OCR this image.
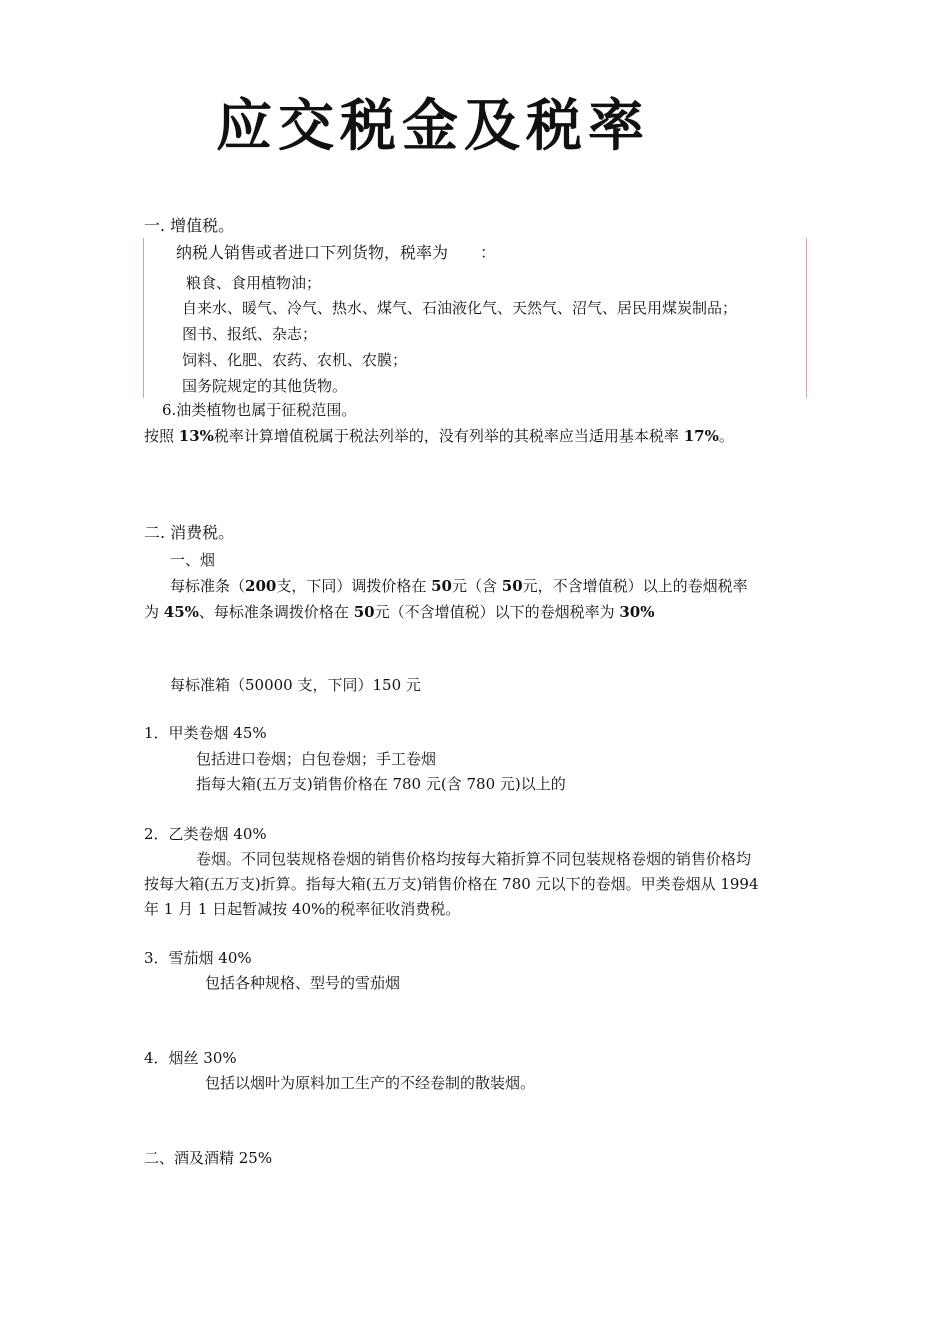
应交税金及税率
一. 增值税。
纳税人销售或者进口下列货物，税率为　　：
粮食、食用植物油；
自来水、暖气、冷气、热水、煤气、石油液化气、天然气、沼气、居民用煤炭制品；
图书、报纸、杂志；
饲料、化肥、农药、农机、农膜；
国务院规定的其他货物。
6.油类植物也属于征税范围。
按照 13%税率计算增值税属于税法列举的，没有列举的其税率应当适用基本税率 17%。
二. 消费税。
一、烟
每标准条（200支，下同）调拨价格在 50元（含 50元，不含增值税）以上的卷烟税率
为 45%、每标准条调拨价格在 50元（不含增值税）以下的卷烟税率为 30%
每标准箱（50000 支，下同）150 元
1．甲类卷烟 45%
包括进口卷烟；白包卷烟；手工卷烟
指每大箱(五万支)销售价格在 780 元(含 780 元)以上的
2．乙类卷烟 40%
卷烟。不同包装规格卷烟的销售价格均按每大箱折算不同包装规格卷烟的销售价格均
按每大箱(五万支)折算。指每大箱(五万支)销售价格在 780 元以下的卷烟。甲类卷烟从 1994
年 1 月 1 日起暂减按 40%的税率征收消费税。
3．雪茄烟 40%
包括各种规格、型号的雪茄烟
4．烟丝 30%
包括以烟叶为原料加工生产的不经卷制的散装烟。
二、酒及酒精 25%
